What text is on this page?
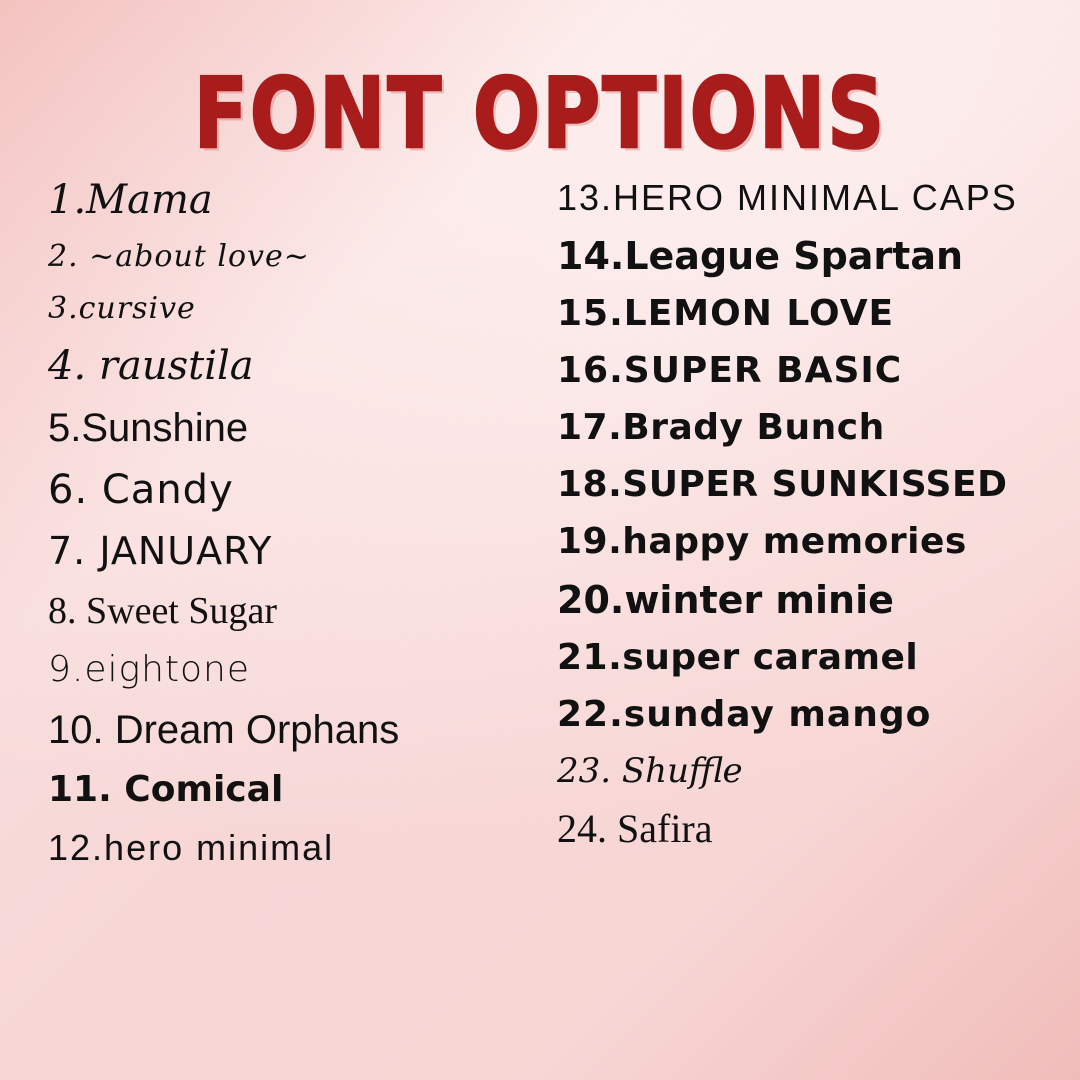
FONT OPTIONS
1.Mama
2. ~about love~
3.cursive
4. raustila
5.Sunshine
6. Candy
7. JANUARY
8. Sweet Sugar
9.eightone
10. Dream Orphans
11. Comical
12.hero minimal
13.HERO MINIMAL CAPS
14.League Spartan
15.LEMON LOVE
16.SUPER BASIC
17.Brady Bunch
18.SUPER SUNKISSED
19.happy memories
20.winter minie
21.super caramel
22.sunday mango
23. Shuffle
24. Safira
